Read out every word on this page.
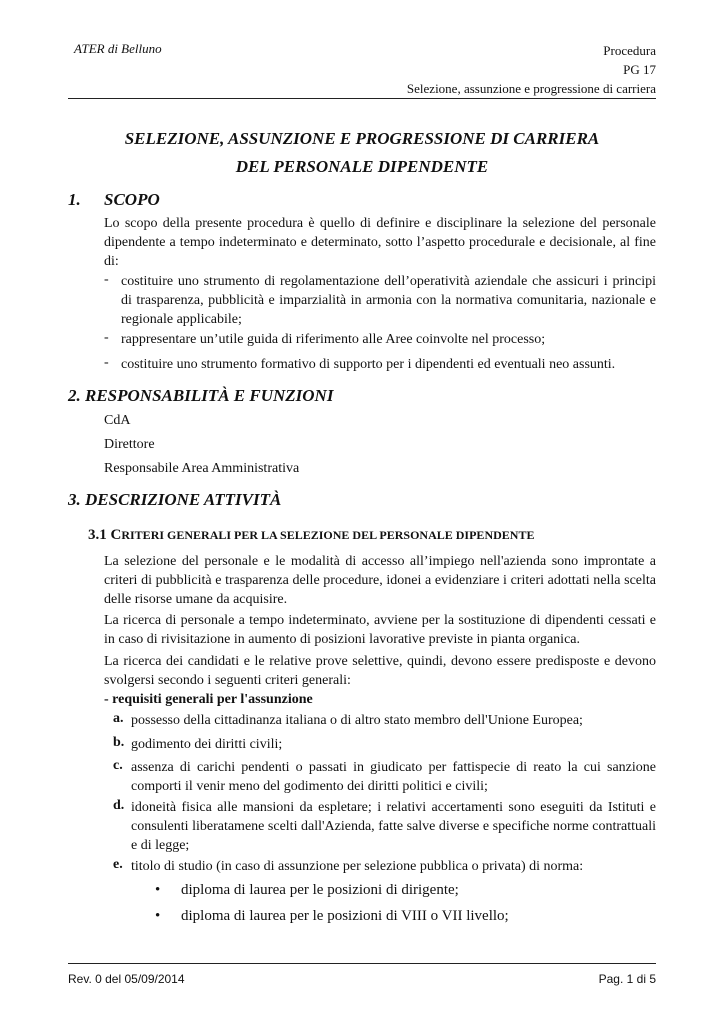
ATER di Belluno	Procedura
PG 17
Selezione, assunzione e progressione di carriera
SELEZIONE, ASSUNZIONE E PROGRESSIONE DI CARRIERA
DEL PERSONALE DIPENDENTE
1. SCOPO
Lo scopo della presente procedura è quello di definire e disciplinare la selezione del personale dipendente a tempo indeterminato e determinato, sotto l’aspetto procedurale e decisionale, al fine di:
- costituire uno strumento di regolamentazione dell’operatività aziendale che assicuri i principi di trasparenza, pubblicità e imparzialità in armonia con la normativa comunitaria, nazionale e regionale applicabile;
- rappresentare un’utile guida di riferimento alle Aree coinvolte nel processo;
- costituire uno strumento formativo di supporto per i dipendenti ed eventuali neo assunti.
2. RESPONSABILITÀ E FUNZIONI
CdA
Direttore
Responsabile Area Amministrativa
3. DESCRIZIONE ATTIVITÀ
3.1 CRITERI GENERALI PER LA SELEZIONE DEL PERSONALE DIPENDENTE
La selezione del personale e le modalità di accesso all’impiego nell'azienda sono improntate a criteri di pubblicità e trasparenza delle procedure, idonei a evidenziare i criteri adottati nella scelta delle risorse umane da acquisire.
La ricerca di personale a tempo indeterminato, avviene per la sostituzione di dipendenti cessati e in caso di rivisitazione in aumento di posizioni lavorative previste in pianta organica.
La ricerca dei candidati e le relative prove selettive, quindi, devono essere predisposte e devono svolgersi secondo i seguenti criteri generali:
- requisiti generali per l'assunzione
a. possesso della cittadinanza italiana o di altro stato membro dell'Unione Europea;
b. godimento dei diritti civili;
c. assenza di carichi pendenti o passati in giudicato per fattispecie di reato la cui sanzione comporti il venir meno del godimento dei diritti politici e civili;
d. idoneità fisica alle mansioni da espletare; i relativi accertamenti sono eseguiti da Istituti e consulenti liberatamene scelti dall'Azienda, fatte salve diverse e specifiche norme contrattuali e di legge;
e. titolo di studio (in caso di assunzione per selezione pubblica o privata) di norma:
• diploma di laurea per le posizioni di dirigente;
• diploma di laurea per le posizioni di VIII o VII livello;
Rev. 0 del 05/09/2014	Pag. 1 di 5
